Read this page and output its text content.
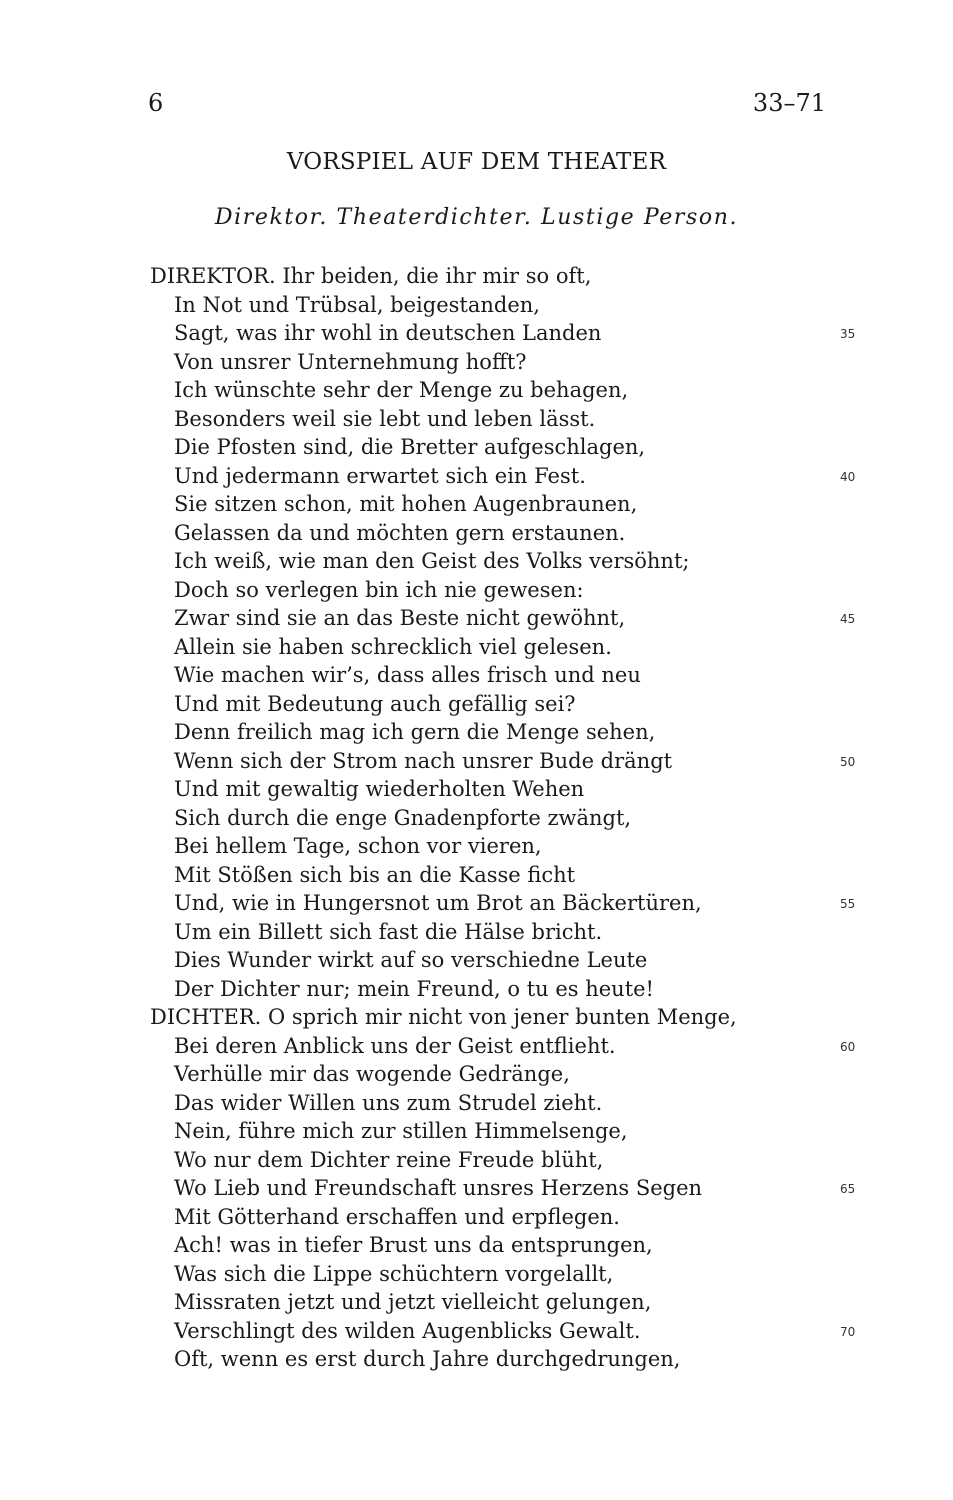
6	33–71
VORSPIEL AUF DEM THEATER
Direktor. Theaterdichter. Lustige Person.
DIREKTOR. Ihr beiden, die ihr mir so oft,
In Not und Trübsal, beigestanden,
Sagt, was ihr wohl in deutschen Landen	35
Von unsrer Unternehmung hofft?
Ich wünschte sehr der Menge zu behagen,
Besonders weil sie lebt und leben lässt.
Die Pfosten sind, die Bretter aufgeschlagen,
Und jedermann erwartet sich ein Fest.	40
Sie sitzen schon, mit hohen Augenbraunen,
Gelassen da und möchten gern erstaunen.
Ich weiß, wie man den Geist des Volks versöhnt;
Doch so verlegen bin ich nie gewesen:
Zwar sind sie an das Beste nicht gewöhnt,	45
Allein sie haben schrecklich viel gelesen.
Wie machen wir’s, dass alles frisch und neu
Und mit Bedeutung auch gefällig sei?
Denn freilich mag ich gern die Menge sehen,
Wenn sich der Strom nach unsrer Bude drängt	50
Und mit gewaltig wiederholten Wehen
Sich durch die enge Gnadenpforte zwängt,
Bei hellem Tage, schon vor vieren,
Mit Stößen sich bis an die Kasse ficht
Und, wie in Hungersnot um Brot an Bäckertüren,	55
Um ein Billett sich fast die Hälse bricht.
Dies Wunder wirkt auf so verschiedne Leute
Der Dichter nur; mein Freund, o tu es heute!
DICHTER. O sprich mir nicht von jener bunten Menge,
Bei deren Anblick uns der Geist entflieht.	60
Verhülle mir das wogende Gedränge,
Das wider Willen uns zum Strudel zieht.
Nein, führe mich zur stillen Himmelsenge,
Wo nur dem Dichter reine Freude blüht,
Wo Lieb und Freundschaft unsres Herzens Segen	65
Mit Götterhand erschaffen und erpflegen.
Ach! was in tiefer Brust uns da entsprungen,
Was sich die Lippe schüchtern vorgelallt,
Missraten jetzt und jetzt vielleicht gelungen,
Verschlingt des wilden Augenblicks Gewalt.	70
Oft, wenn es erst durch Jahre durchgedrungen,
